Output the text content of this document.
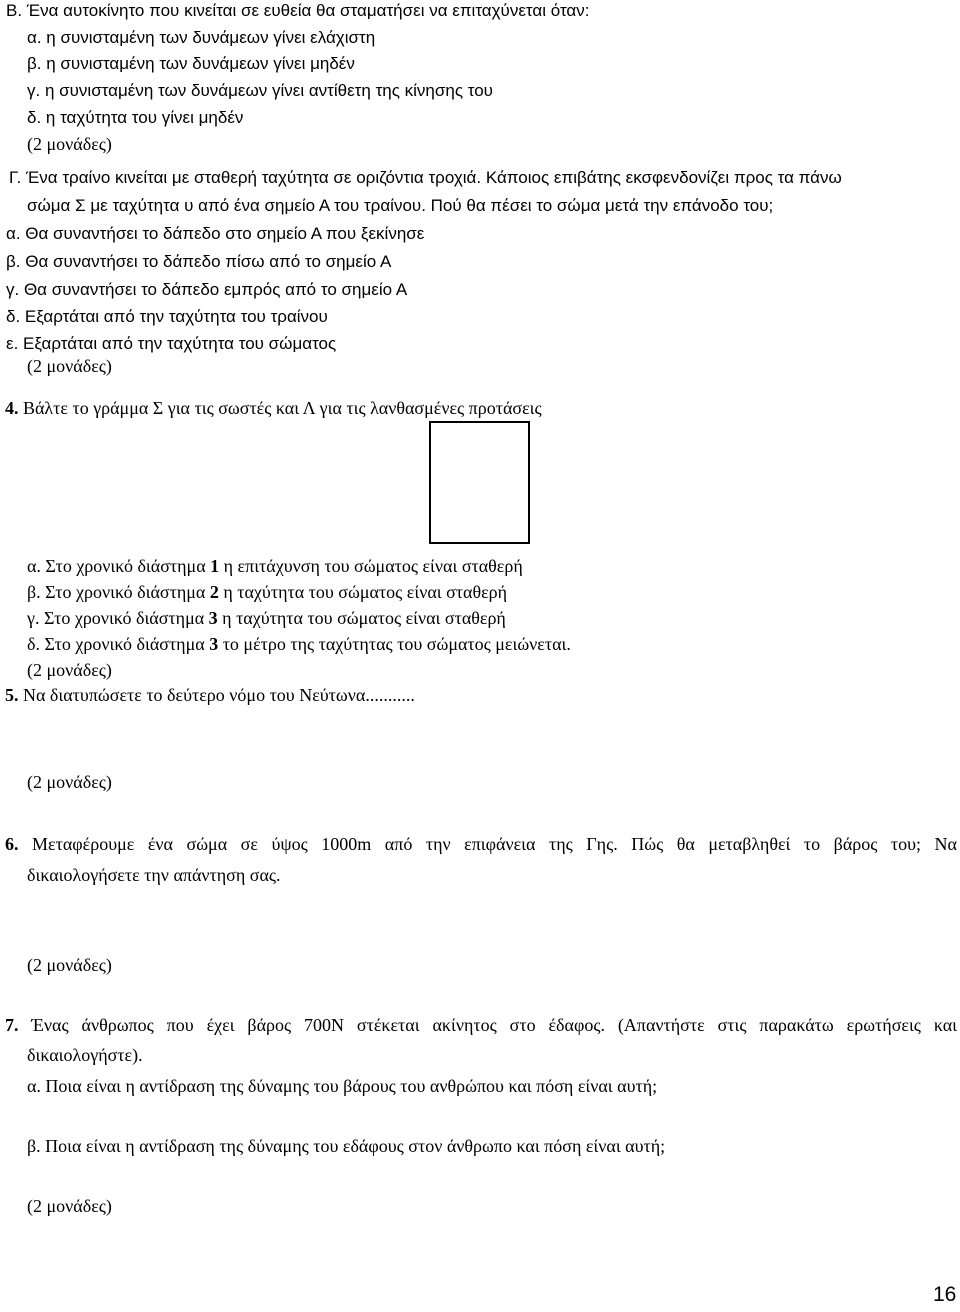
Β. Ένα αυτοκίνητο που κινείται σε ευθεία θα σταματήσει να επιταχύνεται όταν:
α. η συνισταμένη των δυνάμεων γίνει ελάχιστη
β. η συνισταμένη των δυνάμεων γίνει μηδέν
γ. η συνισταμένη των δυνάμεων γίνει αντίθετη της κίνησης του
δ. η ταχύτητα του γίνει μηδέν
(2 μονάδες)
Γ. Ένα τραίνο κινείται με σταθερή ταχύτητα σε οριζόντια τροχιά. Κάποιος επιβάτης εκσφενδονίζει προς τα πάνω
σώμα Σ με ταχύτητα υ από ένα σημείο Α του τραίνου. Πού θα πέσει το σώμα μετά την επάνοδο του;
α. Θα συναντήσει το δάπεδο στο σημείο Α που ξεκίνησε
β. Θα συναντήσει το δάπεδο πίσω από το σημείο Α
γ. Θα συναντήσει το δάπεδο εμπρός από το σημείο Α
δ. Εξαρτάται από την ταχύτητα του τραίνου
ε. Εξαρτάται από την ταχύτητα του σώματος
(2 μονάδες)
4. Βάλτε το γράμμα Σ για τις σωστές και Λ για τις λανθασμένες προτάσεις
α. Στο χρονικό διάστημα 1 η επιτάχυνση του σώματος είναι σταθερή
β. Στο χρονικό διάστημα 2 η ταχύτητα του σώματος είναι σταθερή
γ. Στο χρονικό διάστημα 3 η ταχύτητα του σώματος είναι σταθερή
δ. Στο χρονικό διάστημα 3 το μέτρο της ταχύτητας του σώματος μειώνεται.
(2 μονάδες)
5. Να διατυπώσετε το δεύτερο νόμο του Νεύτωνα...........
(2 μονάδες)
6. Μεταφέρουμε ένα σώμα σε ύψος 1000m από την επιφάνεια της Γης. Πώς θα μεταβληθεί το βάρος του; Να
δικαιολογήσετε την απάντηση σας.
(2 μονάδες)
7. Ένας άνθρωπος που έχει βάρος 700Ν στέκεται ακίνητος στο έδαφος. (Απαντήστε στις παρακάτω ερωτήσεις και
δικαιολογήστε).
α. Ποια είναι η αντίδραση της δύναμης του βάρους του ανθρώπου και πόση είναι αυτή;
β. Ποια είναι η αντίδραση της δύναμης του εδάφους στον άνθρωπο και πόση είναι αυτή;
(2 μονάδες)
16
